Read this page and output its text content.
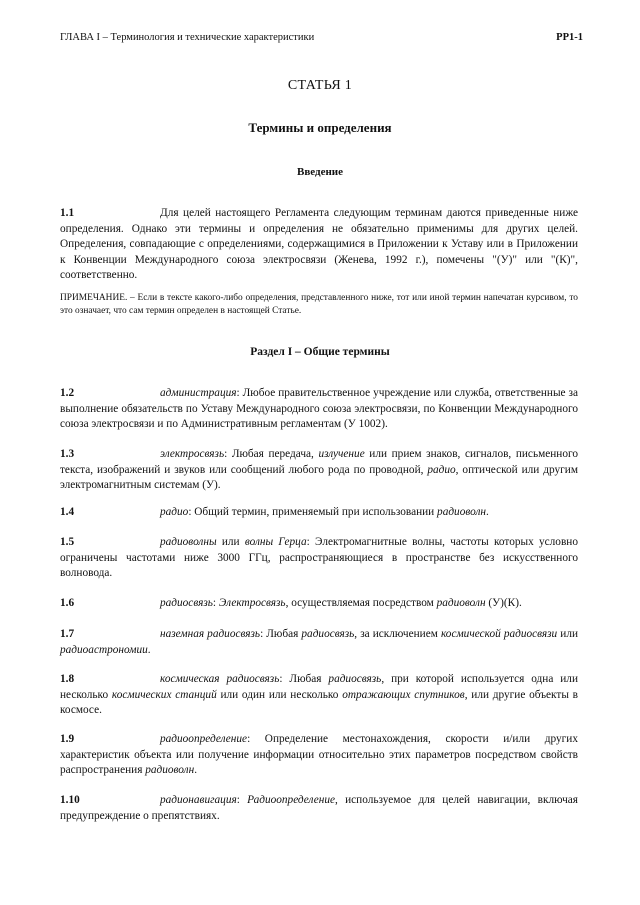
ГЛАВА I – Терминология и технические характеристики	РР1-1
СТАТЬЯ 1
Термины и определения
Введение

1.1	Для целей настоящего Регламента следующим терминам даются приведенные ниже определения. Однако эти термины и определения не обязательно применимы для других целей. Определения, совпадающие с определениями, содержащимися в Приложении к Уставу или в Приложении к Конвенции Международного союза электросвязи (Женева, 1992 г.), помечены "(У)" или "(К)", соответственно.

ПРИМЕЧАНИЕ. – Если в тексте какого-либо определения, представленного ниже, тот или иной термин напечатан курсивом, то это означает, что сам термин определен в настоящей Статье.

Раздел I – Общие термины

1.2	администрация: Любое правительственное учреждение или служба, ответственные за выполнение обязательств по Уставу Международного союза электросвязи, по Конвенции Международного союза электросвязи и по Административным регламентам (У 1002).

1.3	электросвязь: Любая передача, излучение или прием знаков, сигналов, письменного текста, изображений и звуков или сообщений любого рода по проводной, радио, оптической или другим электромагнитным системам (У).

1.4	радио: Общий термин, применяемый при использовании радиоволн.

1.5	радиоволны или волны Герца: Электромагнитные волны, частоты которых условно ограничены частотами ниже 3000 ГГц, распространяющиеся в пространстве без искусственного волновода.

1.6	радиосвязь: Электросвязь, осуществляемая посредством радиоволн (У)(К).

1.7	наземная радиосвязь: Любая радиосвязь, за исключением космической радиосвязи или радиоастрономии.

1.8	космическая радиосвязь: Любая радиосвязь, при которой используется одна или несколько космических станций или один или несколько отражающих спутников, или другие объекты в космосе.

1.9	радиоопределение: Определение местонахождения, скорости и/или других характеристик объекта или получение информации относительно этих параметров посредством свойств распространения радиоволн.

1.10	радионавигация: Радиоопределение, используемое для целей навигации, включая предупреждение о препятствиях.
